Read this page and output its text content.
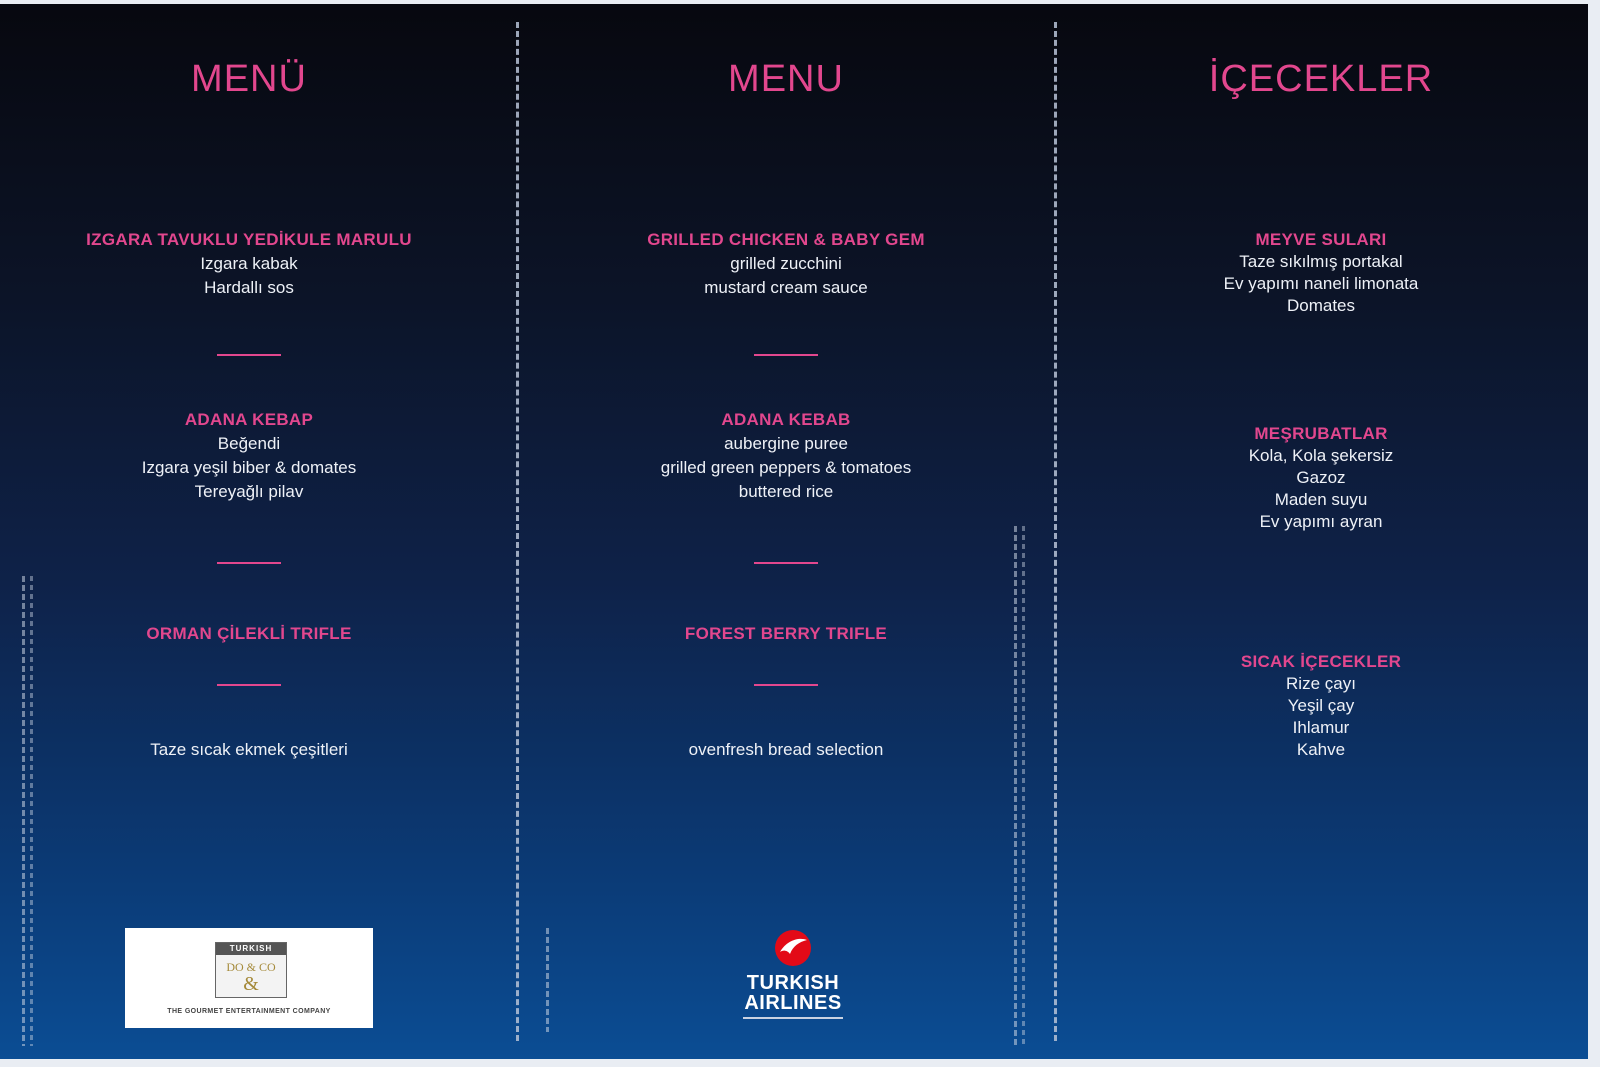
MENÜ
IZGARA TAVUKLU YEDİKULE MARULU
Izgara kabak
Hardallı sos
ADANA KEBAP
Beğendi
Izgara yeşil biber & domates
Tereyağlı pilav
ORMAN ÇİLEKLİ TRIFLE
Taze sıcak ekmek çeşitleri
TURKISH
DO & CO
&
THE GOURMET ENTERTAINMENT COMPANY
MENU
GRILLED CHICKEN & BABY GEM
grilled zucchini
mustard cream sauce
ADANA KEBAB
aubergine puree
grilled green peppers & tomatoes
buttered rice
FOREST BERRY TRIFLE
ovenfresh bread selection
TURKISH
AIRLINES
İÇECEKLER
MEYVE SULARI
Taze sıkılmış portakal
Ev yapımı naneli limonata
Domates
MEŞRUBATLAR
Kola, Kola şekersiz
Gazoz
Maden suyu
Ev yapımı ayran
SICAK İÇECEKLER
Rize çayı
Yeşil çay
Ihlamur
Kahve
